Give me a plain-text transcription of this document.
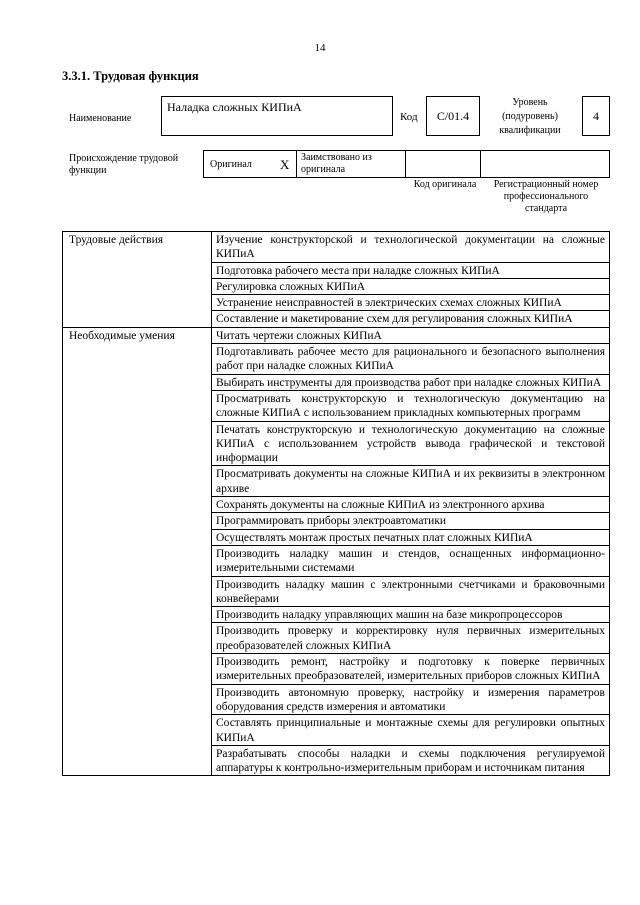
14
3.3.1. Трудовая функция
Наименование
Наладка сложных КИПиА
Код	С/01.4
Уровень (подуровень) квалификации
4
Происхождение трудовой функции
Оригинал X Заимствовано из оригинала
Код оригинала	Регистрационный номер профессионального стандарта
Трудовые действия	Изучение конструкторской и технологической документации на сложные КИПиА
	Подготовка рабочего места при наладке сложных КИПиА
	Регулировка сложных КИПиА
	Устранение неисправностей в электрических схемах сложных КИПиА
	Составление и макетирование схем для регулирования сложных КИПиА
Необходимые умения	Читать чертежи сложных КИПиА
	Подготавливать рабочее место для рационального и безопасного выполнения работ при наладке сложных КИПиА
	Выбирать инструменты для производства работ при наладке сложных КИПиА
	Просматривать конструкторскую и технологическую документацию на сложные КИПиА с использованием прикладных компьютерных программ
	Печатать конструкторскую и технологическую документацию на сложные КИПиА с использованием устройств вывода графической и текстовой информации
	Просматривать документы на сложные КИПиА и их реквизиты в электронном архиве
	Сохранять документы на сложные КИПиА из электронного архива
	Программировать приборы электроавтоматики
	Осуществлять монтаж простых печатных плат сложных КИПиА
	Производить наладку машин и стендов, оснащенных информационно-измерительными системами
	Производить наладку машин с электронными счетчиками и браковочными конвейерами
	Производить наладку управляющих машин на базе микропроцессоров
	Производить проверку и корректировку нуля первичных измерительных преобразователей сложных КИПиА
	Производить ремонт, настройку и подготовку к поверке первичных измерительных преобразователей, измерительных приборов сложных КИПиА
	Производить автономную проверку, настройку и измерения параметров оборудования средств измерения и автоматики
	Составлять принципиальные и монтажные схемы для регулировки опытных КИПиА
	Разрабатывать способы наладки и схемы подключения регулируемой аппаратуры к контрольно-измерительным приборам и источникам питания
